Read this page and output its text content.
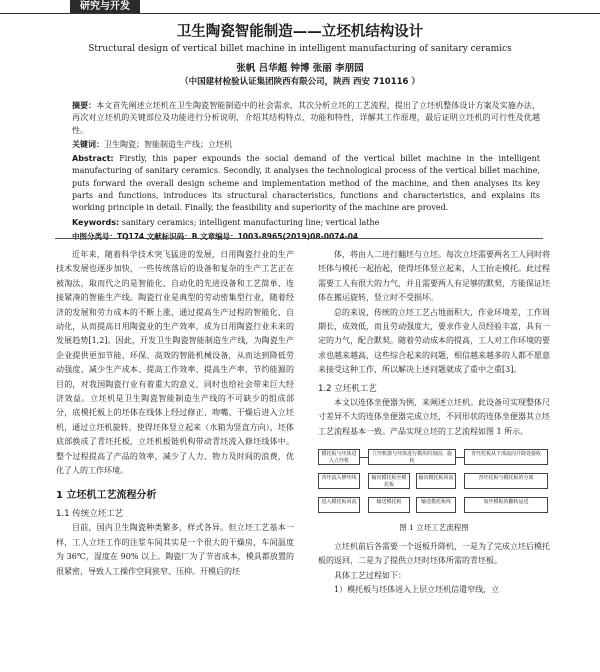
研究与开发
卫生陶瓷智能制造——立坯机结构设计
Structural design of vertical billet machine in intelligent manufacturing of sanitary ceramics
张帆 吕华超 钟博 张丽 李朋园
（中国建材检验认证集团陕西有限公司，陕西 西安 710116 ）

摘要：本文首先阐述立坯机在卫生陶瓷智能制造中的社会需求，其次分析立坯的工艺流程，提出了立坯机整体设计方案及实施办法，再次对立坯机的关键部位及功能进行分析说明，介绍其结构特点、功能和特性，详解其工作原理，最后证明立坯机的可行性及优越性。

关键词：卫生陶瓷；智能制造生产线；立坯机

Abstract: Firstly, this paper expounds the social demand of the vertical billet machine in the intelligent manufacturing of sanitary ceramics. Secondly, it analyses the technological process of the vertical billet machine, puts forward the overall design scheme and implementation method of the machine, and then analyses its key parts and functions, introduces its structural characteristics, functions and characteristics, and explains its working principle in detail. Finally, the feasibility and superiority of the machine are proved.

Keywords: sanitary ceramics; intelligent manufacturing line; vertical lathe

中图分类号：TQ174 文献标识码：B 文章编号：1003-8965(2019)08-0074-04

近年来，随着科学技术突飞猛进的发展，日用陶瓷行业的生产技术发展也逐步加快，一些传统落后的设备和复杂的生产工艺正在被淘汰，取而代之的是智能化、自动化的先进设备和工艺简单、连接紧凑的智能生产线。陶瓷行业是典型的劳动密集型行业，随着经济的发展和劳力成本的不断上涨，通过提高生产过程的智能化、自动化，从而提高日用陶瓷业的生产效率，成为日用陶瓷行业未来的发展趋势[1,2]。因此，开发卫生陶瓷智能制造生产线，为陶瓷生产企业提供更加节能、环保、高效的智能机械设备，从而达到降低劳动强度、减少生产成本、提高工作效率、提高生产率，节约能源的目的，对我国陶瓷行业有着重大的意义，同时也给社会带来巨大经济效益。立坯机是卫生陶瓷智能制造生产线的不可缺少的组成部分，底模托板上的坯体在线体上经过修正、吻嘴、干燥后进入立坯机，通过立坯机旋转，使得坯体竖立起来（水箱为竖直方向），坯体底部换成了青坯托板，立坯机板链机构带动青坯流入修坯线体中。整个过程提高了产品的效率，减少了人力、物力及时间的浪费，优化了人的工作环境。

1 立坯机工艺流程分析
1.1 传统立坯工艺

目前，国内卫生陶瓷种类繁多，样式各异。但立坯工艺基本一样，工人立坯工作的注浆车间其实是一个很大的干燥房，车间温度为 36℃，湿度在 90% 以上。陶瓷厂为了节省成本，模具都放置的很紧密，导致人工操作空间狭窄、压抑。开模后的坯

体，将由人二进行翻坯与立坯。每次立坯需要两名工人同时将坯体与模托一起抬起，使得坯体竖立起来，人工抬走模托。此过程需要工人有很大的力气，并且需要两人有足够的默契，方能保证坯体在搬运旋转，竖立时不受损坏。

总的来说，传统的立坯工艺占地面积大，作业环境差，工作周期长，成效低，而且劳动强度大，要求作业人员经验丰富，具有一定的力气，配合默契。随着劳动成本的提高，工人对工作环境的要求也越来越高，这些综合起来的问题，相信越来越多的人都不愿意来接受这种工作，所以解决上述问题就成了重中之重[3]。

1.2 立坯机工艺

本文以连体坐便器为例，来阐述立坯机。此设备可实现整体尺寸差异不大的连体坐便器完成立坯，不同形状的连体坐便器其立坯工艺流程基本一致。产品实现立坯的工艺流程如图 1 所示。

模托板与坯体进入立坯机
立坯机器与坯体进行模块的加固、旋转
青坯托板从下部流向升降处接收
青坯流入修坯线	输出模托板至模托板
输出模托板回流	青坯托板与模托板的分离
进入模托板回流	输送模托板	输送模托板线	加坯模板的翻转运送
图 1 立坯工艺流程图

立坯机前后各需要一个返板升降机，一是为了完成立坯后模托板的返回，二是为了提供立坯时坯体所需的青坯板。

具体工艺过程如下：

1）模托板与坯体进入上层立坯机信遣窄线，立
